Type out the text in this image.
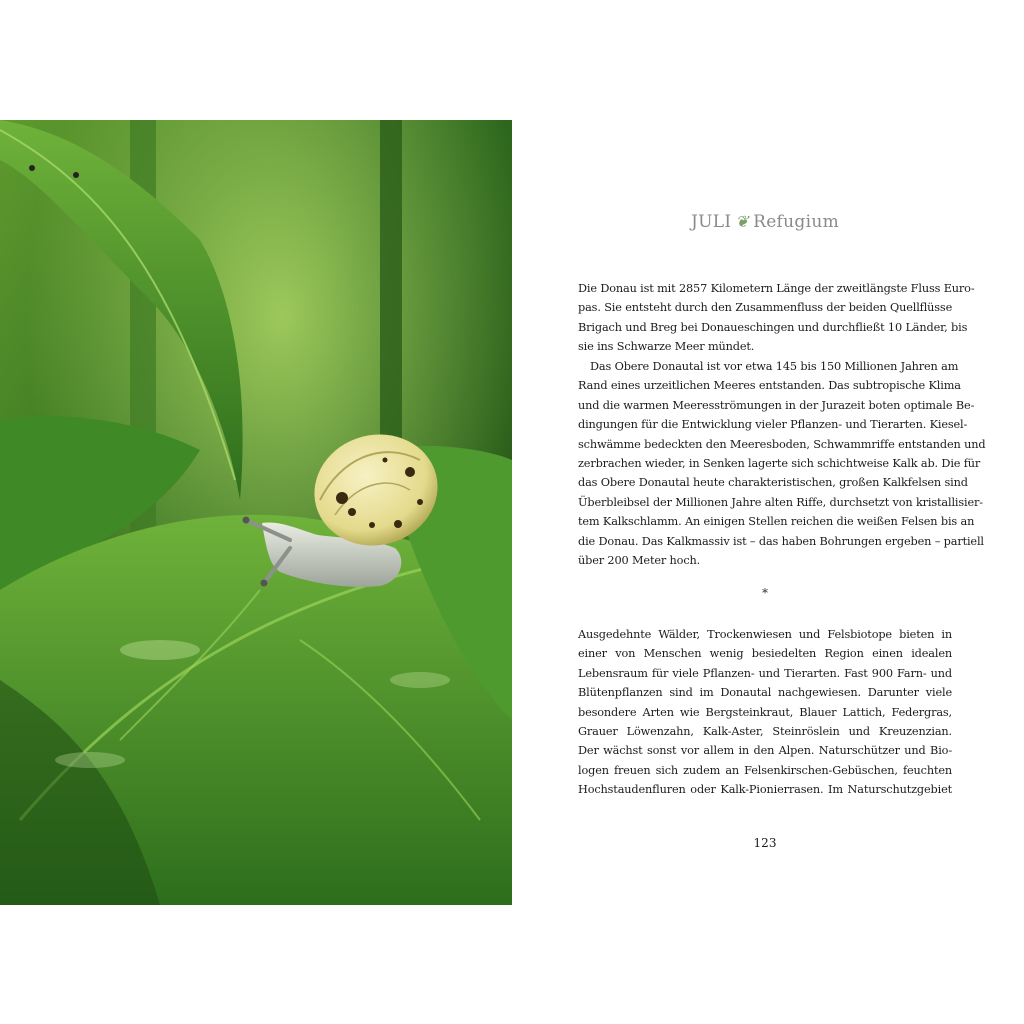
JULI ❦ Refugium

Die Donau ist mit 2857 Kilometern Länge der zweitlängste Fluss Euro-
pas. Sie entsteht durch den Zusammenfluss der beiden Quellflüsse
Brigach und Breg bei Donaueschingen und durchfließt 10 Länder, bis
sie ins Schwarze Meer mündet.

Das Obere Donautal ist vor etwa 145 bis 150 Millionen Jahren am
Rand eines urzeitlichen Meeres entstanden. Das subtropische Klima
und die warmen Meeresströmungen in der Jurazeit boten optimale Be-
dingungen für die Entwicklung vieler Pflanzen- und Tierarten. Kiesel-
schwämme bedeckten den Meeresboden, Schwammriffe entstanden und
zerbrachen wieder, in Senken lagerte sich schichtweise Kalk ab. Die für
das Obere Donautal heute charakteristischen, großen Kalkfelsen sind
Überbleibsel der Millionen Jahre alten Riffe, durchsetzt von kristallisier-
tem Kalkschlamm. An einigen Stellen reichen die weißen Felsen bis an
die Donau. Das Kalkmassiv ist – das haben Bohrungen ergeben – partiell
über 200 Meter hoch.

*

Ausgedehnte Wälder, Trockenwiesen und Felsbiotope bieten in
einer von Menschen wenig besiedelten Region einen idealen
Lebensraum für viele Pflanzen- und Tierarten. Fast 900 Farn- und
Blütenpflanzen sind im Donautal nachgewiesen. Darunter viele
besondere Arten wie Bergsteinkraut, Blauer Lattich, Federgras,
Grauer Löwenzahn, Kalk-Aster, Steinröslein und Kreuzenzian.
Der wächst sonst vor allem in den Alpen. Naturschützer und Bio-
logen freuen sich zudem an Felsenkirschen-Gebüschen, feuchten
Hochstaudenfluren oder Kalk-Pionierrasen. Im Naturschutzgebiet

123
